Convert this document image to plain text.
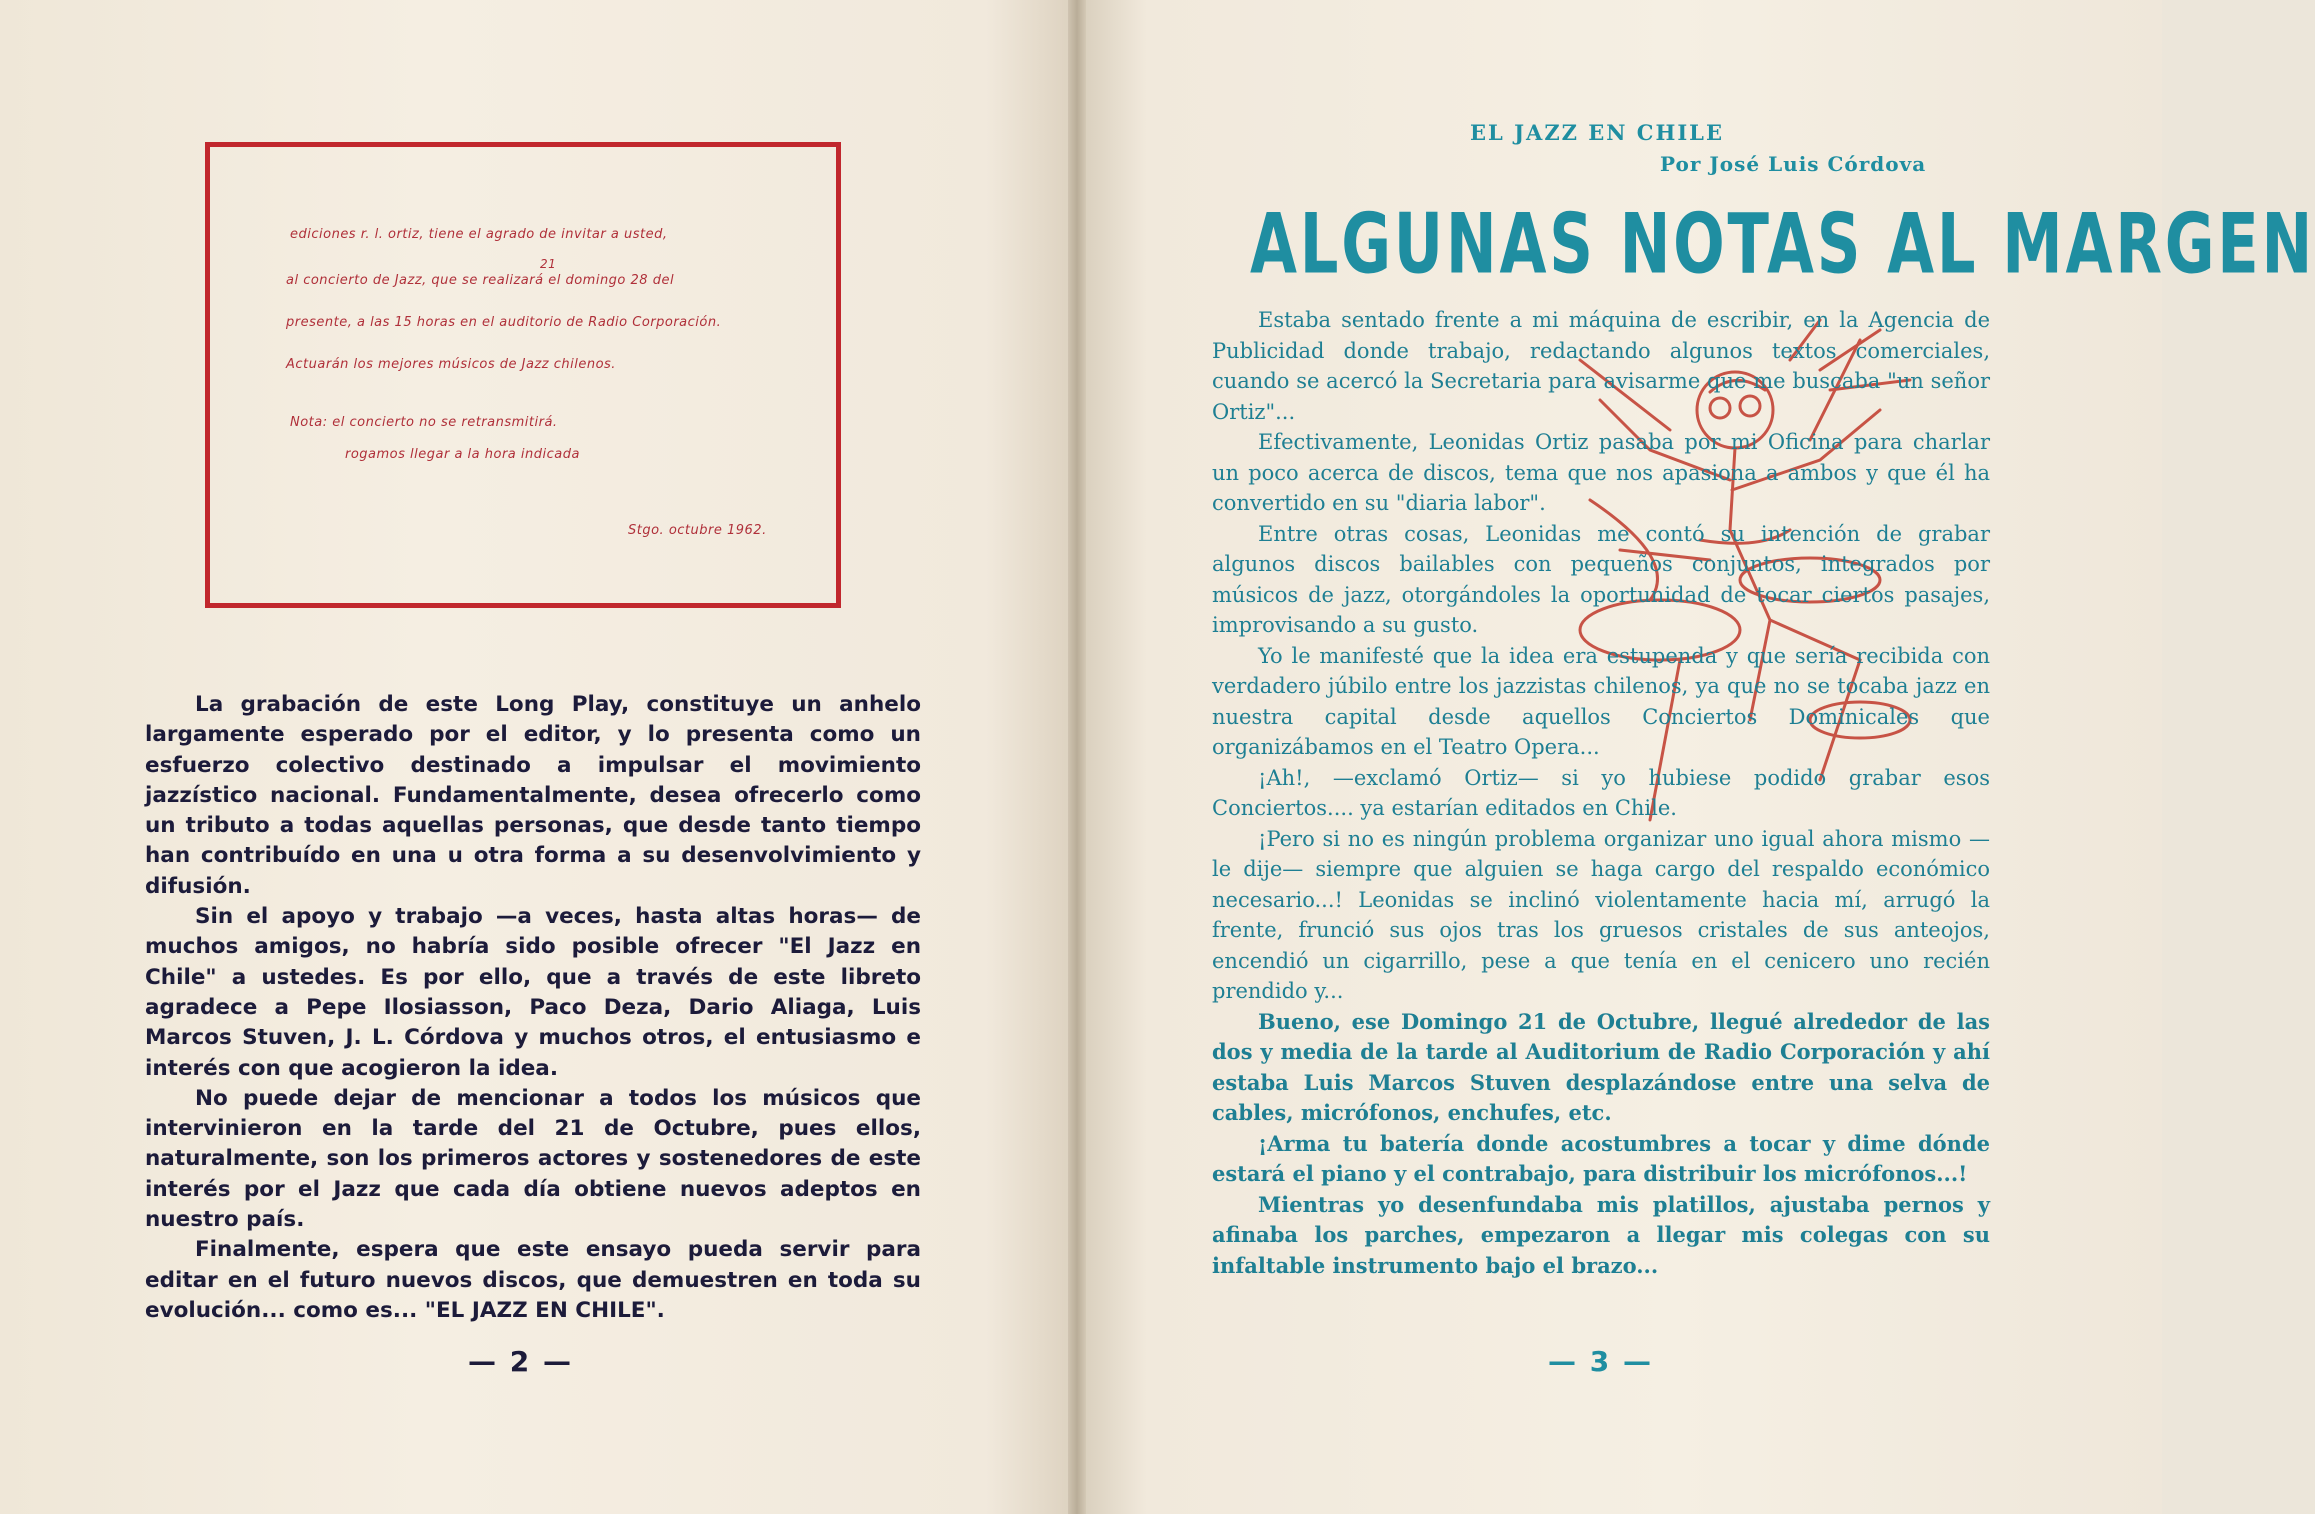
ediciones r. l. ortiz, tiene el agrado de invitar a usted,
21
al concierto de Jazz, que se realizará el domingo 28 del
presente, a las 15 horas en el auditorio de Radio Corporación.
Actuarán los mejores músicos de Jazz chilenos.
Nota: el concierto no se retransmitirá.
rogamos llegar a la hora indicada
Stgo. octubre 1962.

La grabación de este Long Play, constituye un anhelo largamente esperado por el editor, y lo presenta como un esfuerzo colectivo destinado a impulsar el movimiento jazzístico nacional. Fundamentalmente, desea ofrecerlo como un tributo a todas aquellas personas, que desde tanto tiempo han contribuído en una u otra forma a su desenvolvimiento y difusión.

Sin el apoyo y trabajo —a veces, hasta altas horas— de muchos amigos, no habría sido posible ofrecer "El Jazz en Chile" a ustedes. Es por ello, que a través de este libreto agradece a Pepe Ilosiasson, Paco Deza, Dario Aliaga, Luis Marcos Stuven, J. L. Córdova y muchos otros, el entusiasmo e interés con que acogieron la idea.

No puede dejar de mencionar a todos los músicos que intervinieron en la tarde del 21 de Octubre, pues ellos, naturalmente, son los primeros actores y sostenedores de este interés por el Jazz que cada día obtiene nuevos adeptos en nuestro país.

Finalmente, espera que este ensayo pueda servir para editar en el futuro nuevos discos, que demuestren en toda su evolución... como es... "EL JAZZ EN CHILE".

— 2 —
EL JAZZ EN CHILE
Por José Luis Córdova
ALGUNAS NOTAS AL MARGEN

Estaba sentado frente a mi máquina de escribir, en la Agencia de Publicidad donde trabajo, redactando algunos textos comerciales, cuando se acercó la Secretaria para avisarme que me buscaba "un señor Ortiz"...

Efectivamente, Leonidas Ortiz pasaba por mi Oficina para charlar un poco acerca de discos, tema que nos apasiona a ambos y que él ha convertido en su "diaria labor".

Entre otras cosas, Leonidas me contó su intención de grabar algunos discos bailables con pequeños conjuntos, integrados por músicos de jazz, otorgándoles la oportunidad de tocar ciertos pasajes, improvisando a su gusto.

Yo le manifesté que la idea era estupenda y que sería recibida con verdadero júbilo entre los jazzistas chilenos, ya que no se tocaba jazz en nuestra capital desde aquellos Conciertos Dominicales que organizábamos en el Teatro Opera...

¡Ah!, —exclamó Ortiz— si yo hubiese podido grabar esos Conciertos.... ya estarían editados en Chile.

¡Pero si no es ningún problema organizar uno igual ahora mismo —le dije— siempre que alguien se haga cargo del respaldo económico necesario...! Leonidas se inclinó violentamente hacia mí, arrugó la frente, frunció sus ojos tras los gruesos cristales de sus anteojos, encendió un cigarrillo, pese a que tenía en el cenicero uno recién prendido y...

Bueno, ese Domingo 21 de Octubre, llegué alrededor de las dos y media de la tarde al Auditorium de Radio Corporación y ahí estaba Luis Marcos Stuven desplazándose entre una selva de cables, micrófonos, enchufes, etc.

¡Arma tu batería donde acostumbres a tocar y dime dónde estará el piano y el contrabajo, para distribuir los micrófonos...!

Mientras yo desenfundaba mis platillos, ajustaba pernos y afinaba los parches, empezaron a llegar mis colegas con su infaltable instrumento bajo el brazo...

— 3 —
